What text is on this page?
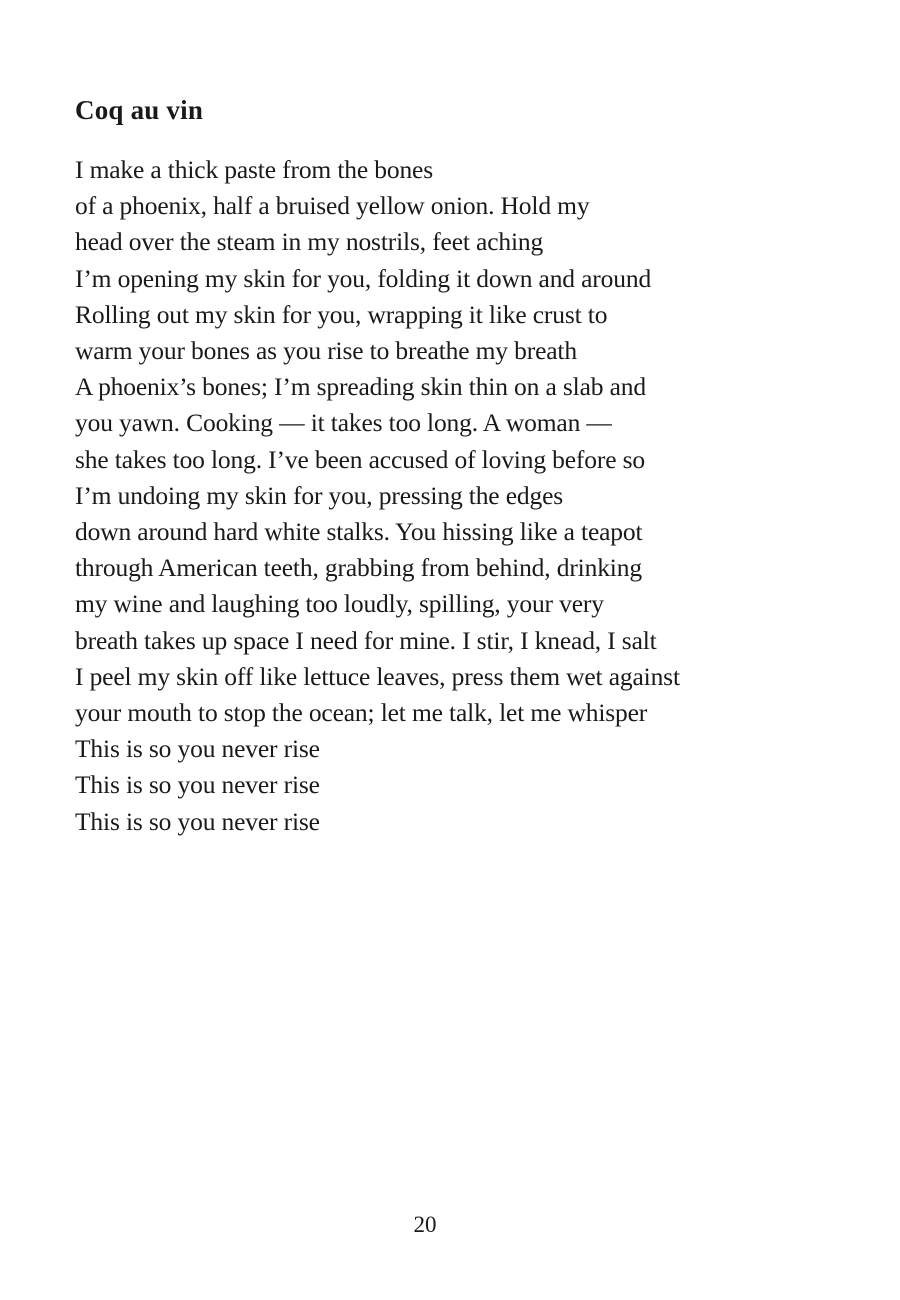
Coq au vin
I make a thick paste from the bones
of a phoenix, half a bruised yellow onion. Hold my
head over the steam in my nostrils, feet aching
I’m opening my skin for you, folding it down and around
Rolling out my skin for you, wrapping it like crust to
warm your bones as you rise to breathe my breath
A phoenix’s bones; I’m spreading skin thin on a slab and
you yawn. Cooking — it takes too long. A woman —
she takes too long. I’ve been accused of loving before so
I’m undoing my skin for you, pressing the edges
down around hard white stalks. You hissing like a teapot
through American teeth, grabbing from behind, drinking
my wine and laughing too loudly, spilling, your very
breath takes up space I need for mine. I stir, I knead, I salt
I peel my skin off like lettuce leaves, press them wet against
your mouth to stop the ocean; let me talk, let me whisper
This is so you never rise
This is so you never rise
This is so you never rise
20
